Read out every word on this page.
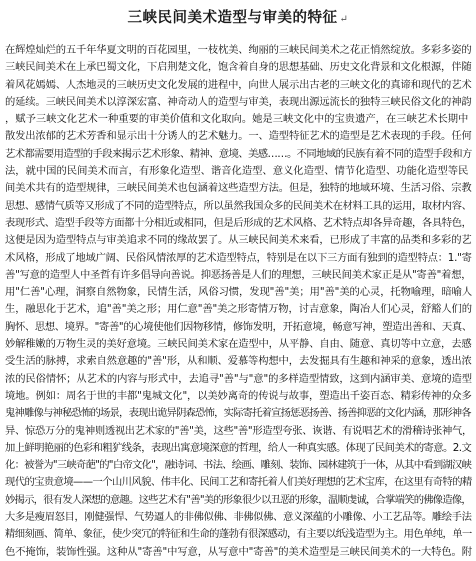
三峡民间美术造型与审美的特征 ↵
在辉煌灿烂的五千年华夏文明的百花园里，一枝枕美、绚丽的三峡民间美术之花正悄然绽放。多彩多姿的
三峡民间美术在上承巴蜀文化，下启荆楚文化，饱含着自身的思想基础、历史文化背景和文化根源，伴随
着风花嫣嫣、人杰地灵的三峡历史文化发展的进程中，向世人展示出古老的三峡文化的真谛和现代的艺术
的延续。三峡民间美术以淳深宏富、神奇动人的造型与审美，表现出源远流长的独特三峡民俗文化的神韵
，赋予三峡文化艺术一种重要的审美价值和文化取向。她是三峡文化中的宝贵遗产，在三峡艺术长期中
散发出浓郁的艺术芳香和显示出十分诱人的艺术魅力。一、造型特征艺术的造型是艺术表现的手段。任何
艺术都需要用造型的手段来揭示艺术形象、精神、意境、美感……。不同地域的民族有着不同的造型手段和方
法，就中国的民间美术而言，有形象化造型、谐音化造型、意义化造型、情节化造型、功能化造型等民
间美术共有的造型规律，三峡民间美术也包涵着这些造型方法。但是，独特的地域环境、生活习俗、宗教
思想、感情气质等又形成了不同的造型特点，所以虽然我国众多的民间美术在材料工具的运用，取材内容、
表现形式、造型手段等方面都十分相近或相同，但是后形成的艺术风格、艺术特点却各异奇趣，各具特色，
这便是因为造型特点与审美追求不同的缘故罢了。从三峡民间美术来看，已形成了丰富的品类和多彩的艺
术风格，形成了地域广阔、民俗风情浓厚的艺术造型特点，特别是在以下三方面有独到的造型特点：1."寄
善"写意的造型人中圣哲有许多倡导向善说。抑恶扬善是人们的理想，三峡民间美术家正是从"寄善"着想，
用"仁善"心理，洞察自然物象，民情生活，风俗习惯，发现"善"美；用"善"美的心灵，托物喻理，暗喻人
生，融思化于艺术，追"善"美之形；用仁意"善"美之形寄情万物，讨吉意象，陶冶人们心灵，舒豁人们的
胸怀、思想、境界。"寄善"的心境使他们因物移情，修饰发明，开拓意境，畅意写神，塑造出善和、天真、
妙解稚嫩的万物生灵的美好意境。三峡民间美术家在造型中，从平静、自由、随意、真切等中立意，去感
受生活的脉搏，求索自然意趣的"善"形，从和顺、爱慕等构想中，去发掘具有生趣和神采的意象，透出浓
浓的民俗情怀；从艺术的内容与形式中，去追寻"善"与"意"的多样造型情致，这到内涵审美、意境的造型
境地。例如：周名于世的丰都"鬼城文化"，以美妙离奇的传说与故事，塑造出千姿百态、精彩传神的众多
鬼神雕像与神秘恐怖的场景，表现出诡异阴森恐怖，实际寄托着宣扬惩恶扬善、扬善抑恶的文化内涵，那形神各
异、惊恐万分的鬼神则透视出艺术家的"善"美，这些"善"形造型夸张、诙谐、有说唱艺术的滑稽诗张神气，
加上鲜明艳丽的色彩和粗犷线条，表现出寓意境深意的哲理，给人一种真实感。体现了民间美术的寄意。2.文
化：被誉为"三峡奇葩"的"白帝文化"，融诗词、书法、绘画、雕刻、装饰、园林建筑于一体，从其中看到湖汉峡
现代的宝贵意境——一个山川风貌、伟丰化、民间工艺和寄托着人们美好理想的艺术宝库，在这里有奇特的精
妙揭示，很有发人深想的意趣。这些艺术有"善"美的形象很少以丑恶的形象，温顺虔诚，合掌端笑的佛像造像，
大多是瘦眉怒目，刚健强悍、气势逼人的非佛似佛、非佛似佛、意义深蕴的小雕像、小工艺品等。雕绘手法
精细刻画、简单、象征，使少突冗的特征和生命的蓬勃有很深感动，有主要以纸浅造型为主。用色单纯，单一
色不掩饰，装饰性强。这种从"寄善"中写意，从写意中"寄善"的美术造型是三峡民间美术的一大特色。附
